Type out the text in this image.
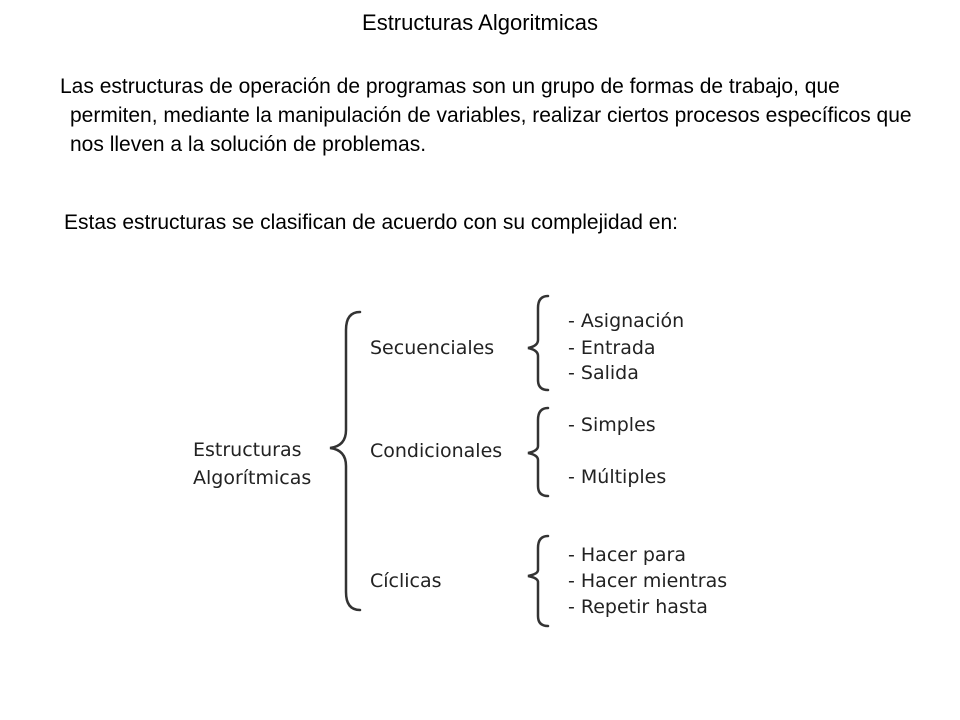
Estructuras Algoritmicas
Las estructuras de operación de programas son un grupo de formas de trabajo, que permiten, mediante la manipulación de variables, realizar ciertos procesos específicos que nos lleven a la solución de problemas.
Estas estructuras se clasifican de acuerdo con su complejidad en:
Estructuras
Algorítmicas
Secuenciales
Condicionales
Cíclicas
- Asignación
- Entrada
- Salida
- Simples
- Múltiples
- Hacer para
- Hacer mientras
- Repetir hasta
